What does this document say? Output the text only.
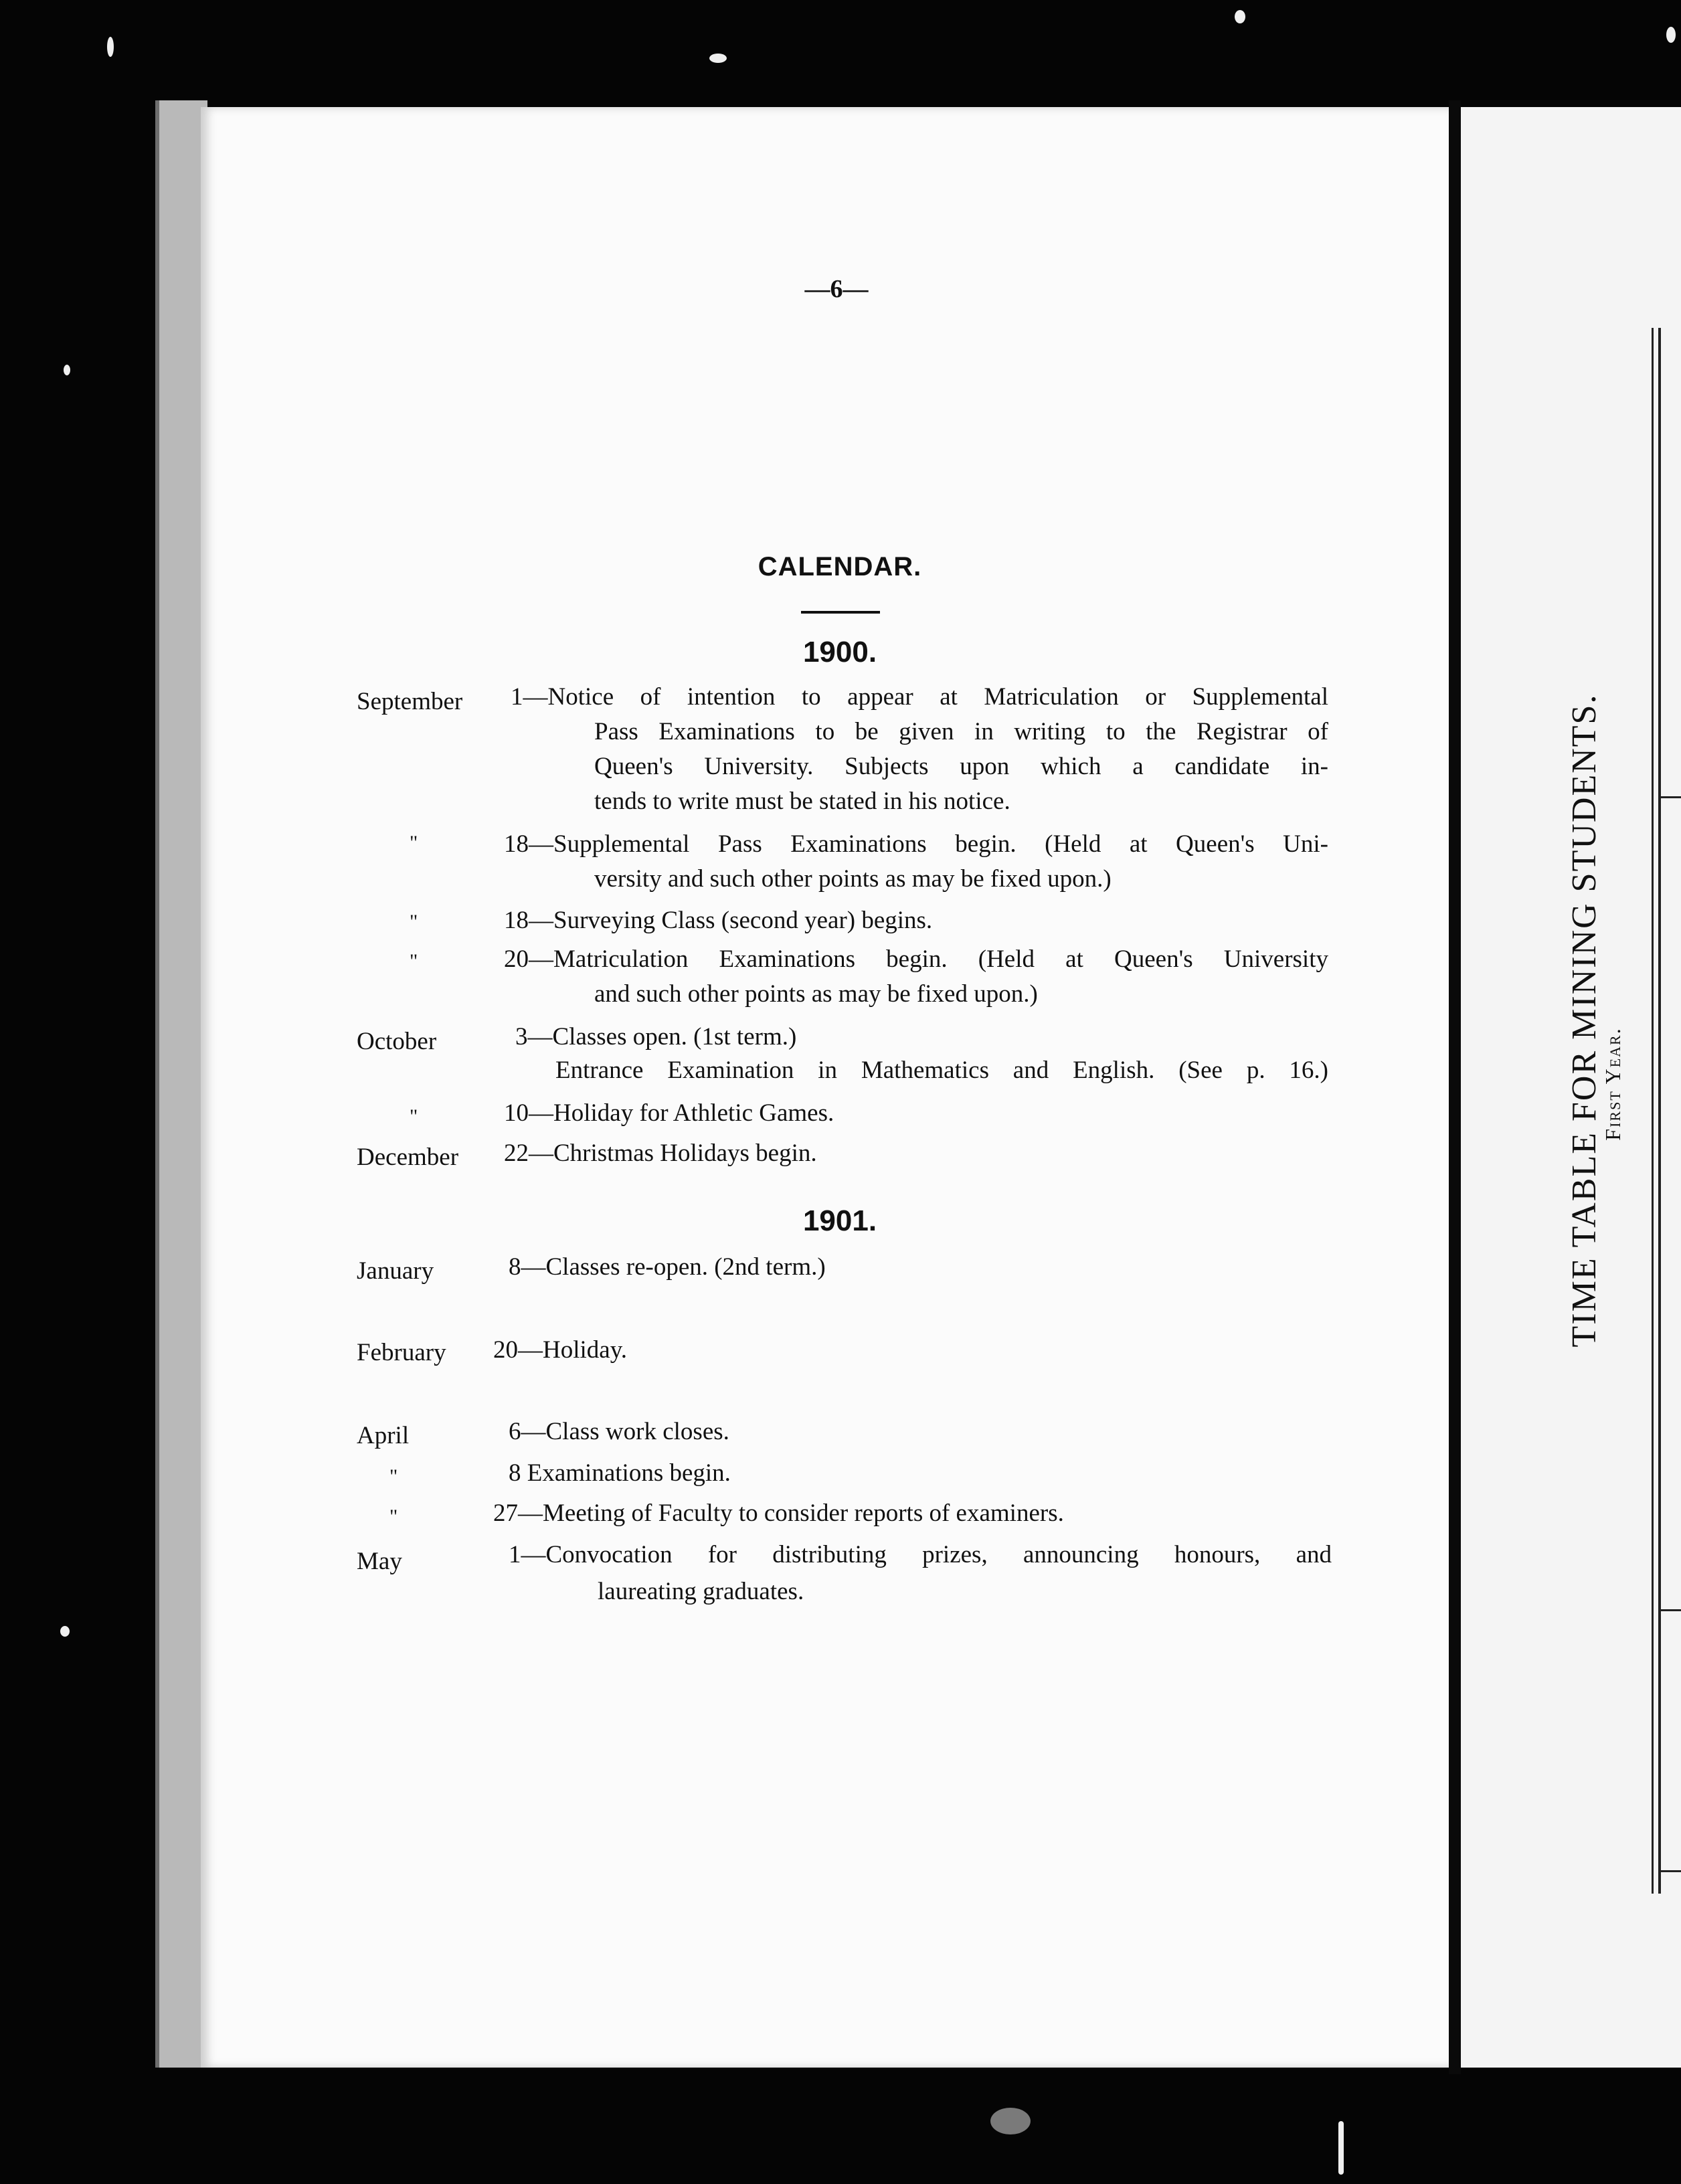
—6—
CALENDAR.
1900.
September 1—Notice of intention to appear at Matriculation or Supplemental
Pass Examinations to be given in writing to the Registrar of
Queen's University. Subjects upon which a candidate in-
tends to write must be stated in his notice.
"	18—Supplemental Pass Examinations begin. (Held at Queen's Uni-
versity and such other points as may be fixed upon.)
"	18—Surveying Class (second year) begins.
"	20—Matriculation Examinations begin. (Held at Queen's University
and such other points as may be fixed upon.)
October	3—Classes open. (1st term.)
Entrance Examination in Mathematics and English. (See p. 16.)
"	10—Holiday for Athletic Games.
December 22—Christmas Holidays begin.
1901.
January	8—Classes re-open. (2nd term.)
February 20—Holiday.
April	6—Class work closes.
"	8 Examinations begin.
"	27—Meeting of Faculty to consider reports of examiners.
May	1—Convocation for distributing prizes, announcing honours, and
laureating graduates.
TIME TABLE FOR MINING STUDENTS.
First Year.
